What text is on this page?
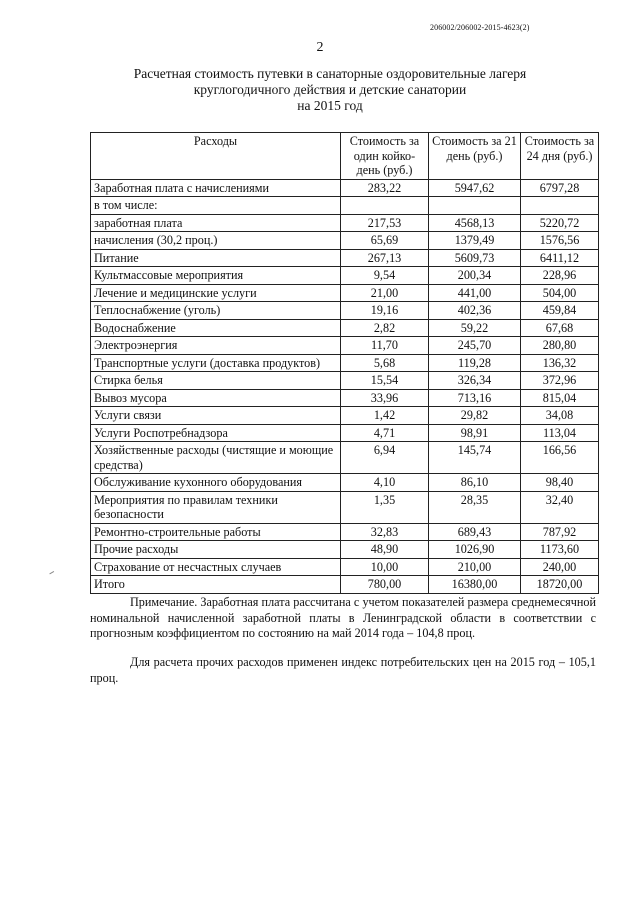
206002/206002-2015-4623(2)
2
Расчетная стоимость путевки в санаторные оздоровительные лагеря
круглогодичного действия и детские санатории
на 2015 год
Расходы	Стоимость за один койко-день (руб.)	Стоимость за 21 день (руб.)	Стоимость за 24 дня (руб.)
Заработная плата с начислениями	283,22	5947,62	6797,28
в том числе:			
заработная плата	217,53	4568,13	5220,72
начисления (30,2 проц.)	65,69	1379,49	1576,56
Питание	267,13	5609,73	6411,12
Культмассовые мероприятия	9,54	200,34	228,96
Лечение и медицинские услуги	21,00	441,00	504,00
Теплоснабжение (уголь)	19,16	402,36	459,84
Водоснабжение	2,82	59,22	67,68
Электроэнергия	11,70	245,70	280,80
Транспортные услуги (доставка продуктов)	5,68	119,28	136,32
Стирка белья	15,54	326,34	372,96
Вывоз мусора	33,96	713,16	815,04
Услуги связи	1,42	29,82	34,08
Услуги Роспотребнадзора	4,71	98,91	113,04
Хозяйственные расходы (чистящие и моющие средства)	6,94	145,74	166,56
Обслуживание кухонного оборудования	4,10	86,10	98,40
Мероприятия по правилам техники безопасности	1,35	28,35	32,40
Ремонтно-строительные работы	32,83	689,43	787,92
Прочие расходы	48,90	1026,90	1173,60
Страхование от несчастных случаев	10,00	210,00	240,00
Итого	780,00	16380,00	18720,00
Примечание. Заработная плата рассчитана с учетом показателей размера среднемесячной номинальной начисленной заработной платы в Ленинградской области в соответствии с прогнозным коэффициентом по состоянию на май 2014 года – 104,8 проц.
Для расчета прочих расходов применен индекс потребительских цен на 2015 год – 105,1 проц.
